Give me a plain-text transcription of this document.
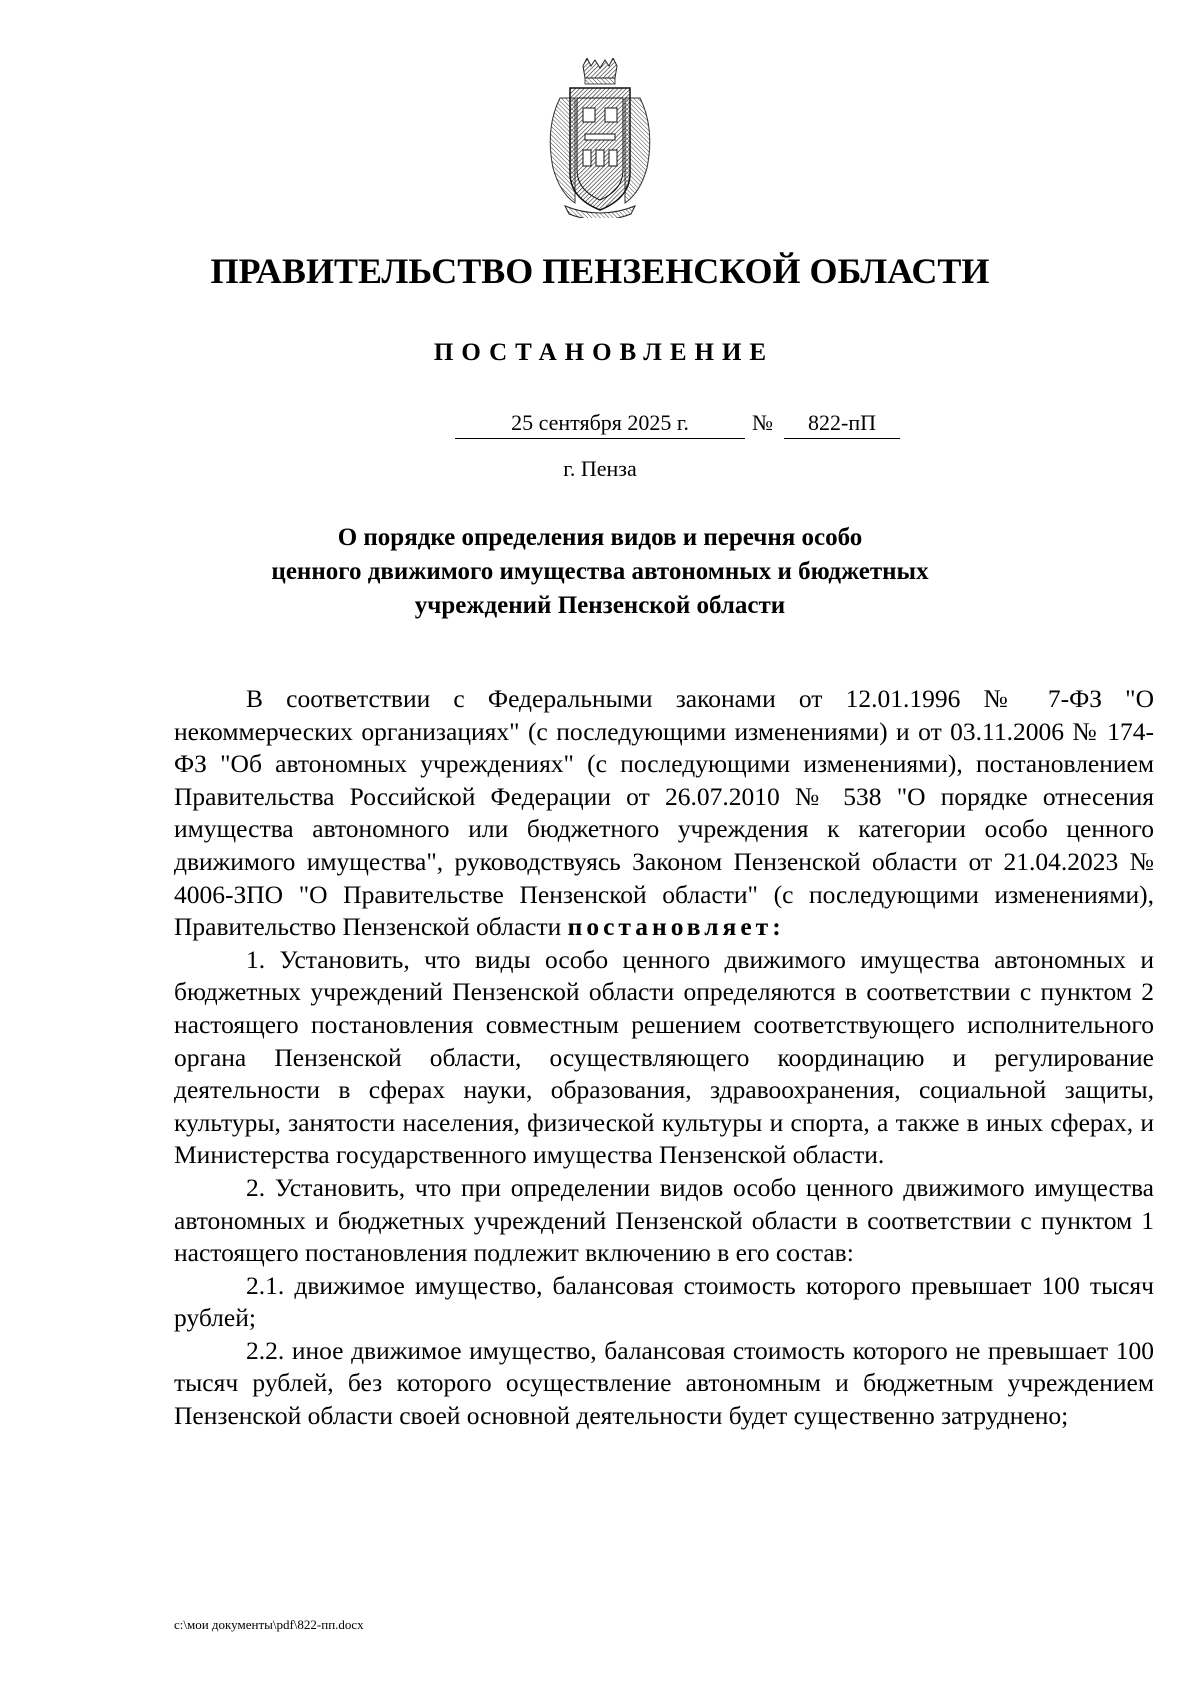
ПРАВИТЕЛЬСТВО ПЕНЗЕНСКОЙ ОБЛАСТИ
ПОСТАНОВЛЕНИЕ
25 сентября 2025 г.	№	822-пП
г. Пенза
О порядке определения видов и перечня особо
ценного движимого имущества автономных и бюджетных
учреждений Пензенской области

В соответствии с Федеральными законами от 12.01.1996 № 7-ФЗ "О некоммерческих организациях" (с последующими изменениями) и от 03.11.2006 № 174-ФЗ "Об автономных учреждениях" (с последующими изменениями), постановлением Правительства Российской Федерации от 26.07.2010 № 538 "О порядке отнесения имущества автономного или бюджетного учреждения к категории особо ценного движимого имущества", руководствуясь Законом Пензенской области от 21.04.2023 № 4006-ЗПО "О Правительстве Пензенской области" (с последующими изменениями), Правительство Пензенской области постановляет:

1. Установить, что виды особо ценного движимого имущества автономных и бюджетных учреждений Пензенской области определяются в соответствии с пунктом 2 настоящего постановления совместным решением соответствующего исполнительного органа Пензенской области, осуществляющего координацию и регулирование деятельности в сферах науки, образования, здравоохранения, социальной защиты, культуры, занятости населения, физической культуры и спорта, а также в иных сферах, и Министерства государственного имущества Пензенской области.

2. Установить, что при определении видов особо ценного движимого имущества автономных и бюджетных учреждений Пензенской области в соответствии с пунктом 1 настоящего постановления подлежит включению в его состав:

2.1. движимое имущество, балансовая стоимость которого превышает 100 тысяч рублей;

2.2. иное движимое имущество, балансовая стоимость которого не превышает 100 тысяч рублей, без которого осуществление автономным и бюджетным учреждением Пензенской области своей основной деятельности будет существенно затруднено;

c:\мои документы\pdf\822-пп.docx
